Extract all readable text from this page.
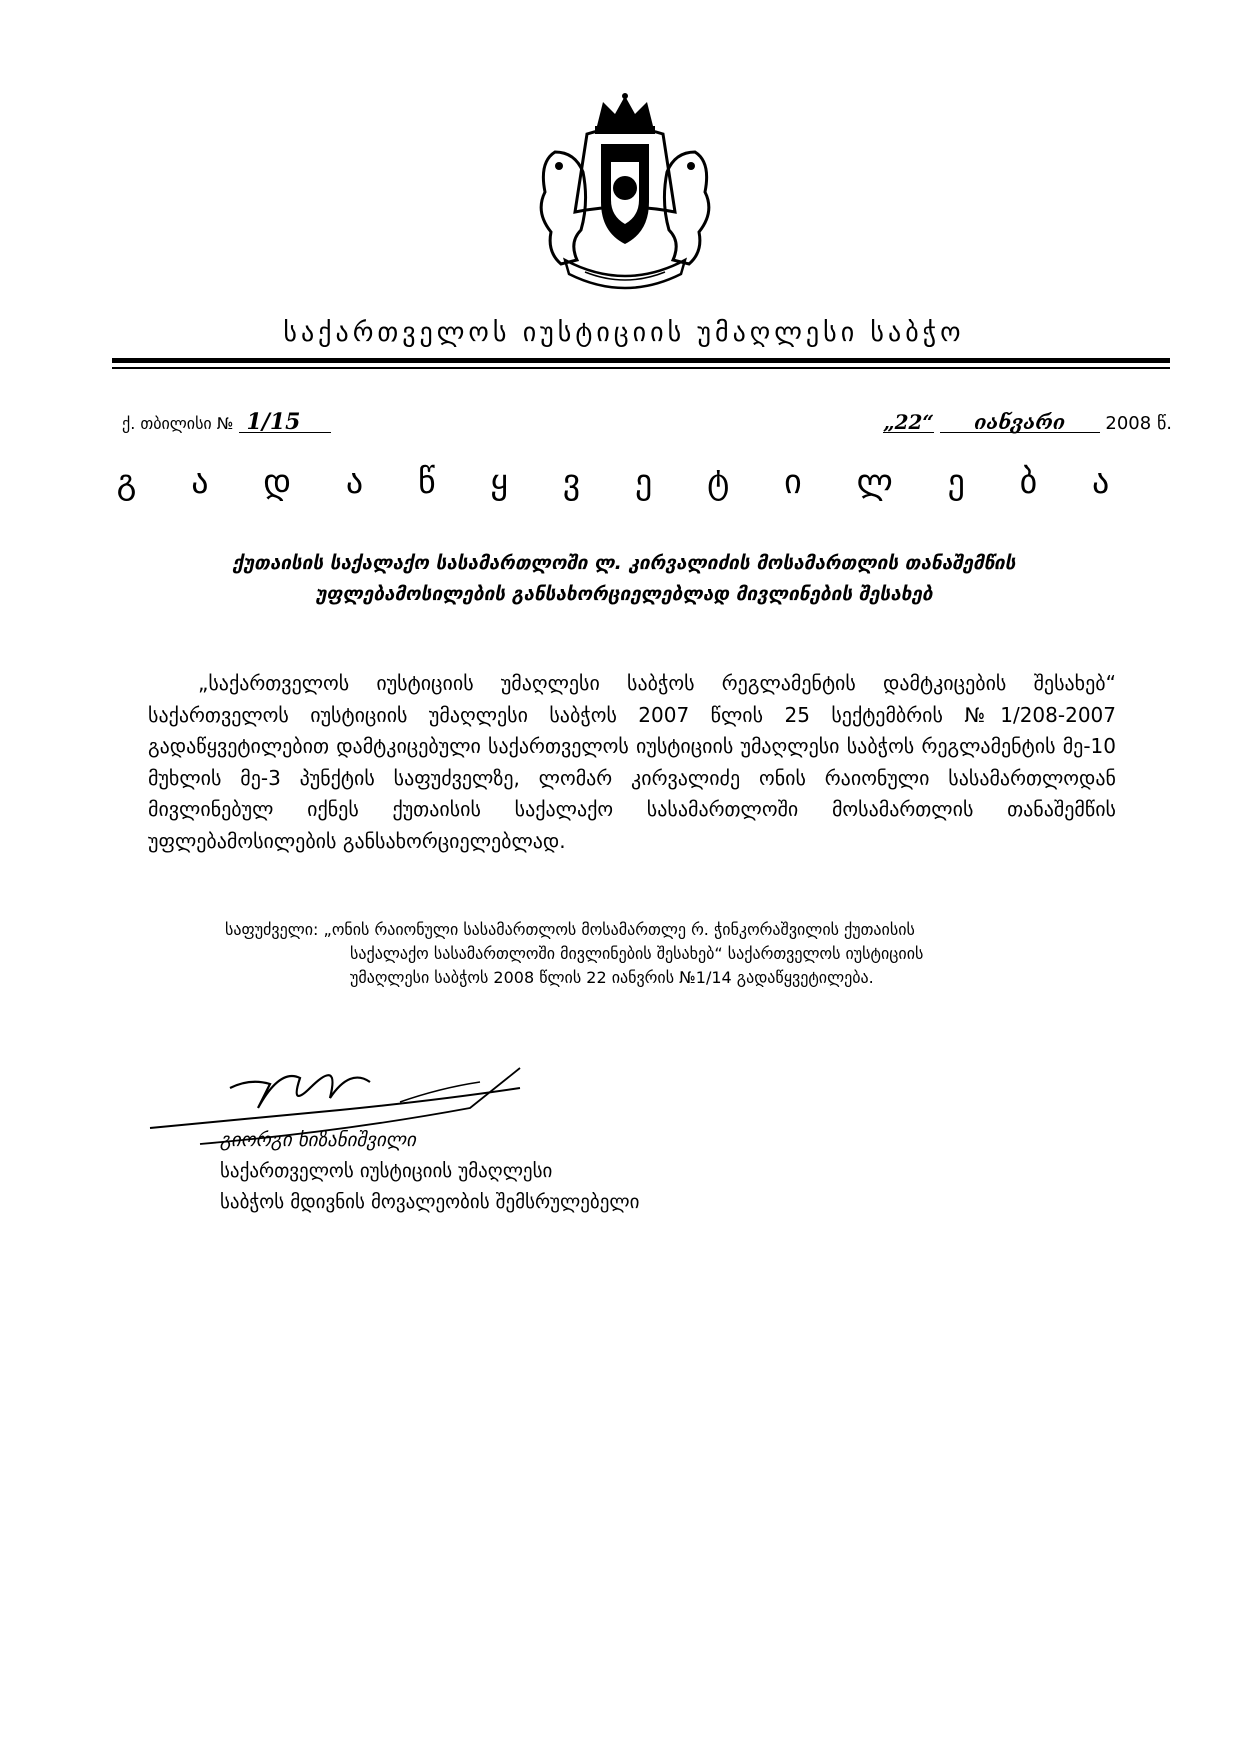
საქართველოს იუსტიციის უმაღლესი საბჭო
ქ. თბილისი № 1/15	„22“ იანვარი 2008 წ.
გ ა დ ა წ ყ ვ ე ტ ი ლ ე ბ ა
ქუთაისის საქალაქო სასამართლოში ლ. კირვალიძის მოსამართლის თანაშემწის
უფლებამოსილების განსახორციელებლად მივლინების შესახებ
„საქართველოს იუსტიციის უმაღლესი საბჭოს რეგლამენტის დამტკიცების შესახებ“ საქართველოს იუსტიციის უმაღლესი საბჭოს 2007 წლის 25 სექტემბრის №1/208-2007 გადაწყვეტილებით დამტკიცებული საქართველოს იუსტიციის უმაღლესი საბჭოს რეგლამენტის მე-10 მუხლის მე-3 პუნქტის საფუძველზე, ლომარ კირვალიძე ონის რაიონული სასამართლოდან მივლინებულ იქნეს ქუთაისის საქალაქო სასამართლოში მოსამართლის თანაშემწის უფლებამოსილების განსახორციელებლად.
საფუძველი: „ონის რაიონული სასამართლოს მოსამართლე რ. ჭინკორაშვილის ქუთაისის
საქალაქო სასამართლოში მივლინების შესახებ“ საქართველოს იუსტიციის
უმაღლესი საბჭოს 2008 წლის 22 იანვრის №1/14 გადაწყვეტილება.
გიორგი ხიზანიშვილი
საქართველოს იუსტიციის უმაღლესი
საბჭოს მდივნის მოვალეობის შემსრულებელი
